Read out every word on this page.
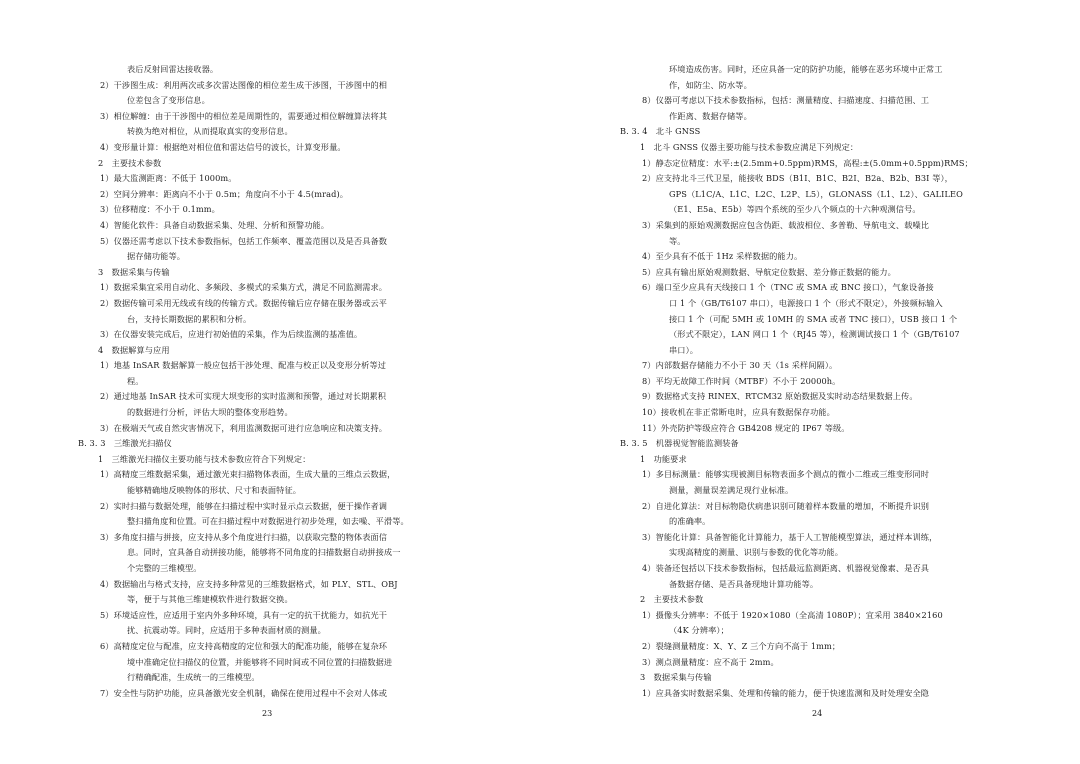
表后反射回雷达接收器。
2）干涉图生成：利用两次或多次雷达图像的相位差生成干涉图，干涉图中的相
位差包含了变形信息。
3）相位解缠：由于干涉图中的相位差是周期性的，需要通过相位解缠算法将其
转换为绝对相位，从而提取真实的变形信息。
4）变形量计算：根据绝对相位值和雷达信号的波长，计算变形量。
2　主要技术参数
1）最大监测距离：不低于 1000m。
2）空间分辨率：距离向不小于 0.5m；角度向不小于 4.5(mrad)。
3）位移精度：不小于 0.1mm。
4）智能化软件：具备自动数据采集、处理、分析和预警功能。
5）仪器还需考虑以下技术参数指标，包括工作频率、覆盖范围以及是否具备数
据存储功能等。
3　数据采集与传输
1）数据采集宜采用自动化、多频段、多模式的采集方式，满足不同监测需求。
2）数据传输可采用无线或有线的传输方式。数据传输后应存储在服务器或云平
台，支持长期数据的累积和分析。
3）在仪器安装完成后，应进行初始值的采集，作为后续监测的基准值。
4　数据解算与应用
1）地基 InSAR 数据解算一般应包括干涉处理、配准与校正以及变形分析等过
程。
2）通过地基 InSAR 技术可实现大坝变形的实时监测和预警，通过对长期累积
的数据进行分析，评估大坝的整体变形趋势。
3）在极端天气或自然灾害情况下，利用监测数据可进行应急响应和决策支持。
B. 3. 3　三维激光扫描仪
1　三维激光扫描仪主要功能与技术参数应符合下列规定：
1）高精度三维数据采集，通过激光束扫描物体表面，生成大量的三维点云数据，
能够精确地反映物体的形状、尺寸和表面特征。
2）实时扫描与数据处理，能够在扫描过程中实时显示点云数据，便于操作者调
整扫描角度和位置。可在扫描过程中对数据进行初步处理，如去噪、平滑等。
3）多角度扫描与拼接，应支持从多个角度进行扫描，以获取完整的物体表面信
息。同时，宜具备自动拼接功能，能够将不同角度的扫描数据自动拼接成一
个完整的三维模型。
4）数据输出与格式支持，应支持多种常见的三维数据格式，如 PLY、STL、OBJ
等，便于与其他三维建模软件进行数据交换。
5）环境适应性，应适用于室内外多种环境，具有一定的抗干扰能力，如抗光干
扰、抗震动等。同时，应适用于多种表面材质的测量。
6）高精度定位与配准，应支持高精度的定位和强大的配准功能，能够在复杂环
境中准确定位扫描仪的位置，并能够将不同时间或不同位置的扫描数据进
行精确配准，生成统一的三维模型。
7）安全性与防护功能，应具备激光安全机制，确保在使用过程中不会对人体或
环境造成伤害。同时，还应具备一定的防护功能，能够在恶劣环境中正常工
作，如防尘、防水等。
8）仪器可考虑以下技术参数指标，包括：测量精度、扫描速度、扫描范围、工
作距离、数据存储等。
B. 3. 4　北斗 GNSS
1　北斗 GNSS 仪器主要功能与技术参数应满足下列规定：
1）静态定位精度：水平:±(2.5mm+0.5ppm)RMS，高程:±(5.0mm+0.5ppm)RMS；
2）应支持北斗三代卫星，能接收 BDS（B1I、B1C、B2I、B2a、B2b、B3I 等），
GPS（L1C/A、L1C、L2C、L2P、L5），GLONASS（L1、L2）、GALILEO
（E1、E5a、E5b）等四个系统的至少八个频点的十六种观测信号。
3）采集到的原始观测数据应包含伪距、载波相位、多普勒、导航电文、载噪比
等。
4）至少具有不低于 1Hz 采样数据的能力。
5）应具有输出原始观测数据、导航定位数据、差分修正数据的能力。
6）端口至少应具有天线接口 1 个（TNC 或 SMA 或 BNC 接口），气象设备接
口 1 个（GB/T6107 串口），电源接口 1 个（形式不限定），外接频标输入
接口 1 个（可配 5MH 或 10MH 的 SMA 或者 TNC 接口），USB 接口 1 个
（形式不限定），LAN 网口 1 个（RJ45 等），检测调试接口 1 个（GB/T6107
串口）。
7）内部数据存储能力不小于 30 天（1s 采样间隔）。
8）平均无故障工作时间（MTBF）不小于 20000h。
9）数据格式支持 RINEX、RTCM32 原始数据及实时动态结果数据上传。
10）接收机在非正常断电时，应具有数据保存功能。
11）外壳防护等级应符合 GB4208 规定的 IP67 等级。
B. 3. 5　机器视觉智能监测装备
1　功能要求
1）多目标测量：能够实现被测目标物表面多个测点的微小二维或三维变形同时
测量，测量误差满足现行业标准。
2）自进化算法：对目标物隐伏病患识别可随着样本数量的增加，不断提升识别
的准确率。
3）智能化计算：具备智能化计算能力，基于人工智能模型算法，通过样本训练，
实现高精度的测量、识别与参数的优化等功能。
4）装备还包括以下技术参数指标，包括最远监测距离、机器视觉像素、是否具
备数据存储、是否具备现地计算功能等。
2　主要技术参数
1）摄像头分辨率：不低于 1920×1080（全高清 1080P）；宜采用 3840×2160
（4K 分辨率）；
2）裂缝测量精度：X、Y、Z 三个方向不高于 1mm；
3）测点测量精度：应不高于 2mm。
3　数据采集与传输
1）应具备实时数据采集、处理和传输的能力，便于快速监测和及时处理安全隐
23	24
